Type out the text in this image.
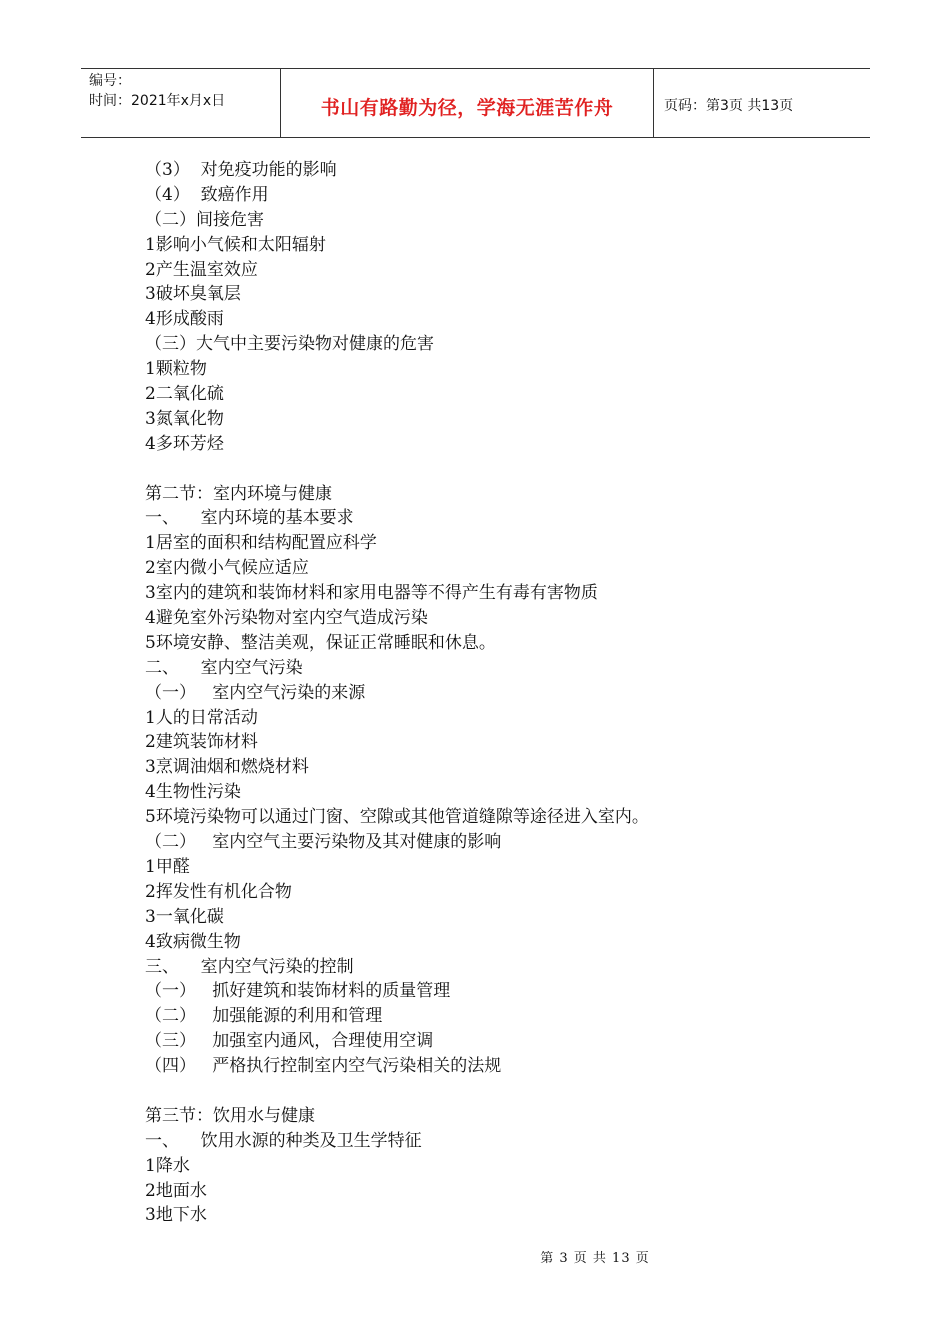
编号：
时间：2021年x月x日	书山有路勤为径，学海无涯苦作舟	页码：第3页 共13页
（3）  对免疫功能的影响
（4）  致癌作用
（二）间接危害
1影响小气候和太阳辐射
2产生温室效应
3破坏臭氧层
4形成酸雨
（三）大气中主要污染物对健康的危害
1颗粒物
2二氧化硫
3氮氧化物
4多环芳烃
第二节：室内环境与健康
一、    室内环境的基本要求
1居室的面积和结构配置应科学
2室内微小气候应适应
3室内的建筑和装饰材料和家用电器等不得产生有毒有害物质
4避免室外污染物对室内空气造成污染
5环境安静、整洁美观，保证正常睡眠和休息。
二、    室内空气污染
（一）   室内空气污染的来源
1人的日常活动
2建筑装饰材料
3烹调油烟和燃烧材料
4生物性污染
5环境污染物可以通过门窗、空隙或其他管道缝隙等途径进入室内。
（二）   室内空气主要污染物及其对健康的影响
1甲醛
2挥发性有机化合物
3一氧化碳
4致病微生物
三、    室内空气污染的控制
（一）   抓好建筑和装饰材料的质量管理
（二）   加强能源的利用和管理
（三）   加强室内通风，合理使用空调
（四）   严格执行控制室内空气污染相关的法规
第三节：饮用水与健康
一、    饮用水源的种类及卫生学特征
1降水
2地面水
3地下水
第 3 页 共 13 页
